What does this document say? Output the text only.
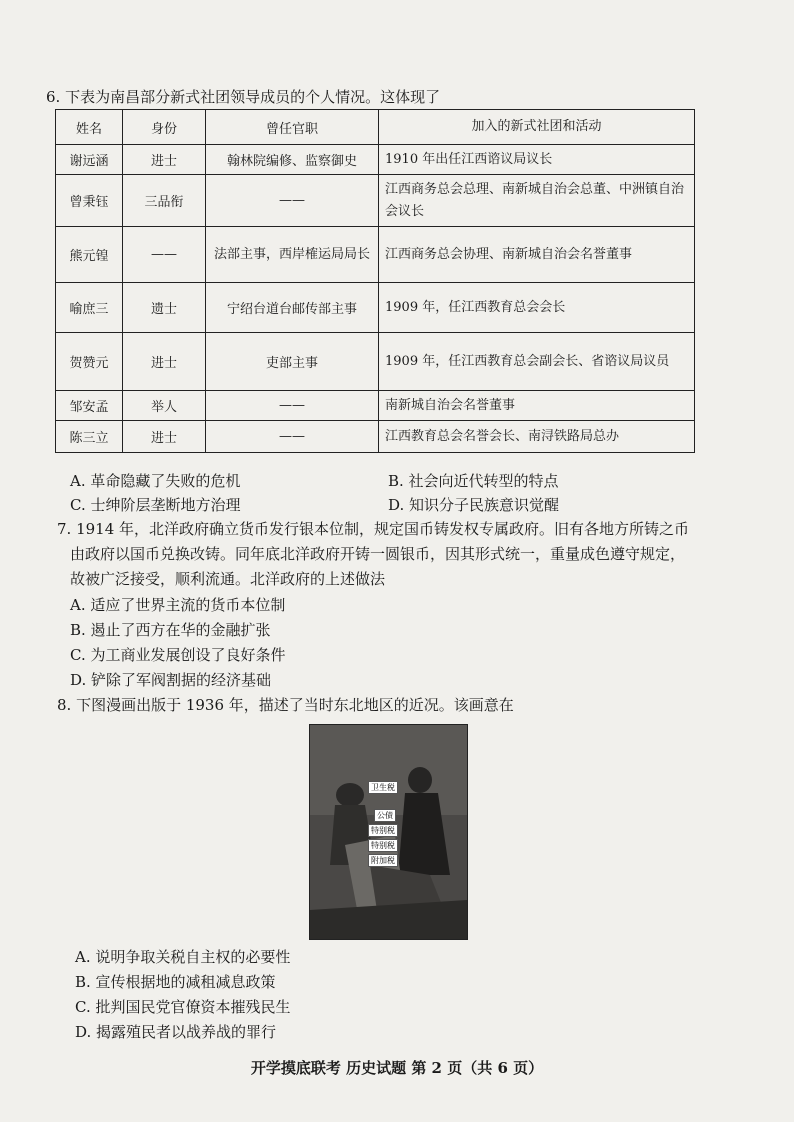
6. 下表为南昌部分新式社团领导成员的个人情况。这体现了
姓名	身份	曾任官职	加入的新式社团和活动
谢远涵	进士	翰林院编修、监察御史	1910 年出任江西谘议局议长
曾秉钰	三品衔	——	江西商务总会总理、南新城自治会总董、中洲镇自治会议长
熊元锽	——	法部主事，西岸榷运局局长	江西商务总会协理、南新城自治会名誉董事
喻庶三	遗士	宁绍台道台邮传部主事	1909 年，任江西教育总会会长
贺赞元	进士	吏部主事	1909 年，任江西教育总会副会长、省谘议局议员
邹安孟	举人	——	南新城自治会名誉董事
陈三立	进士	——	江西教育总会名誉会长、南浔铁路局总办
A. 革命隐藏了失败的危机	B. 社会向近代转型的特点
C. 士绅阶层垄断地方治理	D. 知识分子民族意识觉醒
7. 1914 年，北洋政府确立货币发行银本位制，规定国币铸发权专属政府。旧有各地方所铸之币
由政府以国币兑换改铸。同年底北洋政府开铸一圆银币，因其形式统一，重量成色遵守规定，
故被广泛接受，顺利流通。北洋政府的上述做法
A. 适应了世界主流的货币本位制
B. 遏止了西方在华的金融扩张
C. 为工商业发展创设了良好条件
D. 铲除了军阀割据的经济基础
8. 下图漫画出版于 1936 年，描述了当时东北地区的近况。该画意在
卫生税
公债
特别税
特别税
附加税
A. 说明争取关税自主权的必要性
B. 宣传根据地的减租减息政策
C. 批判国民党官僚资本摧残民生
D. 揭露殖民者以战养战的罪行
开学摸底联考 历史试题 第 2 页（共 6 页）
